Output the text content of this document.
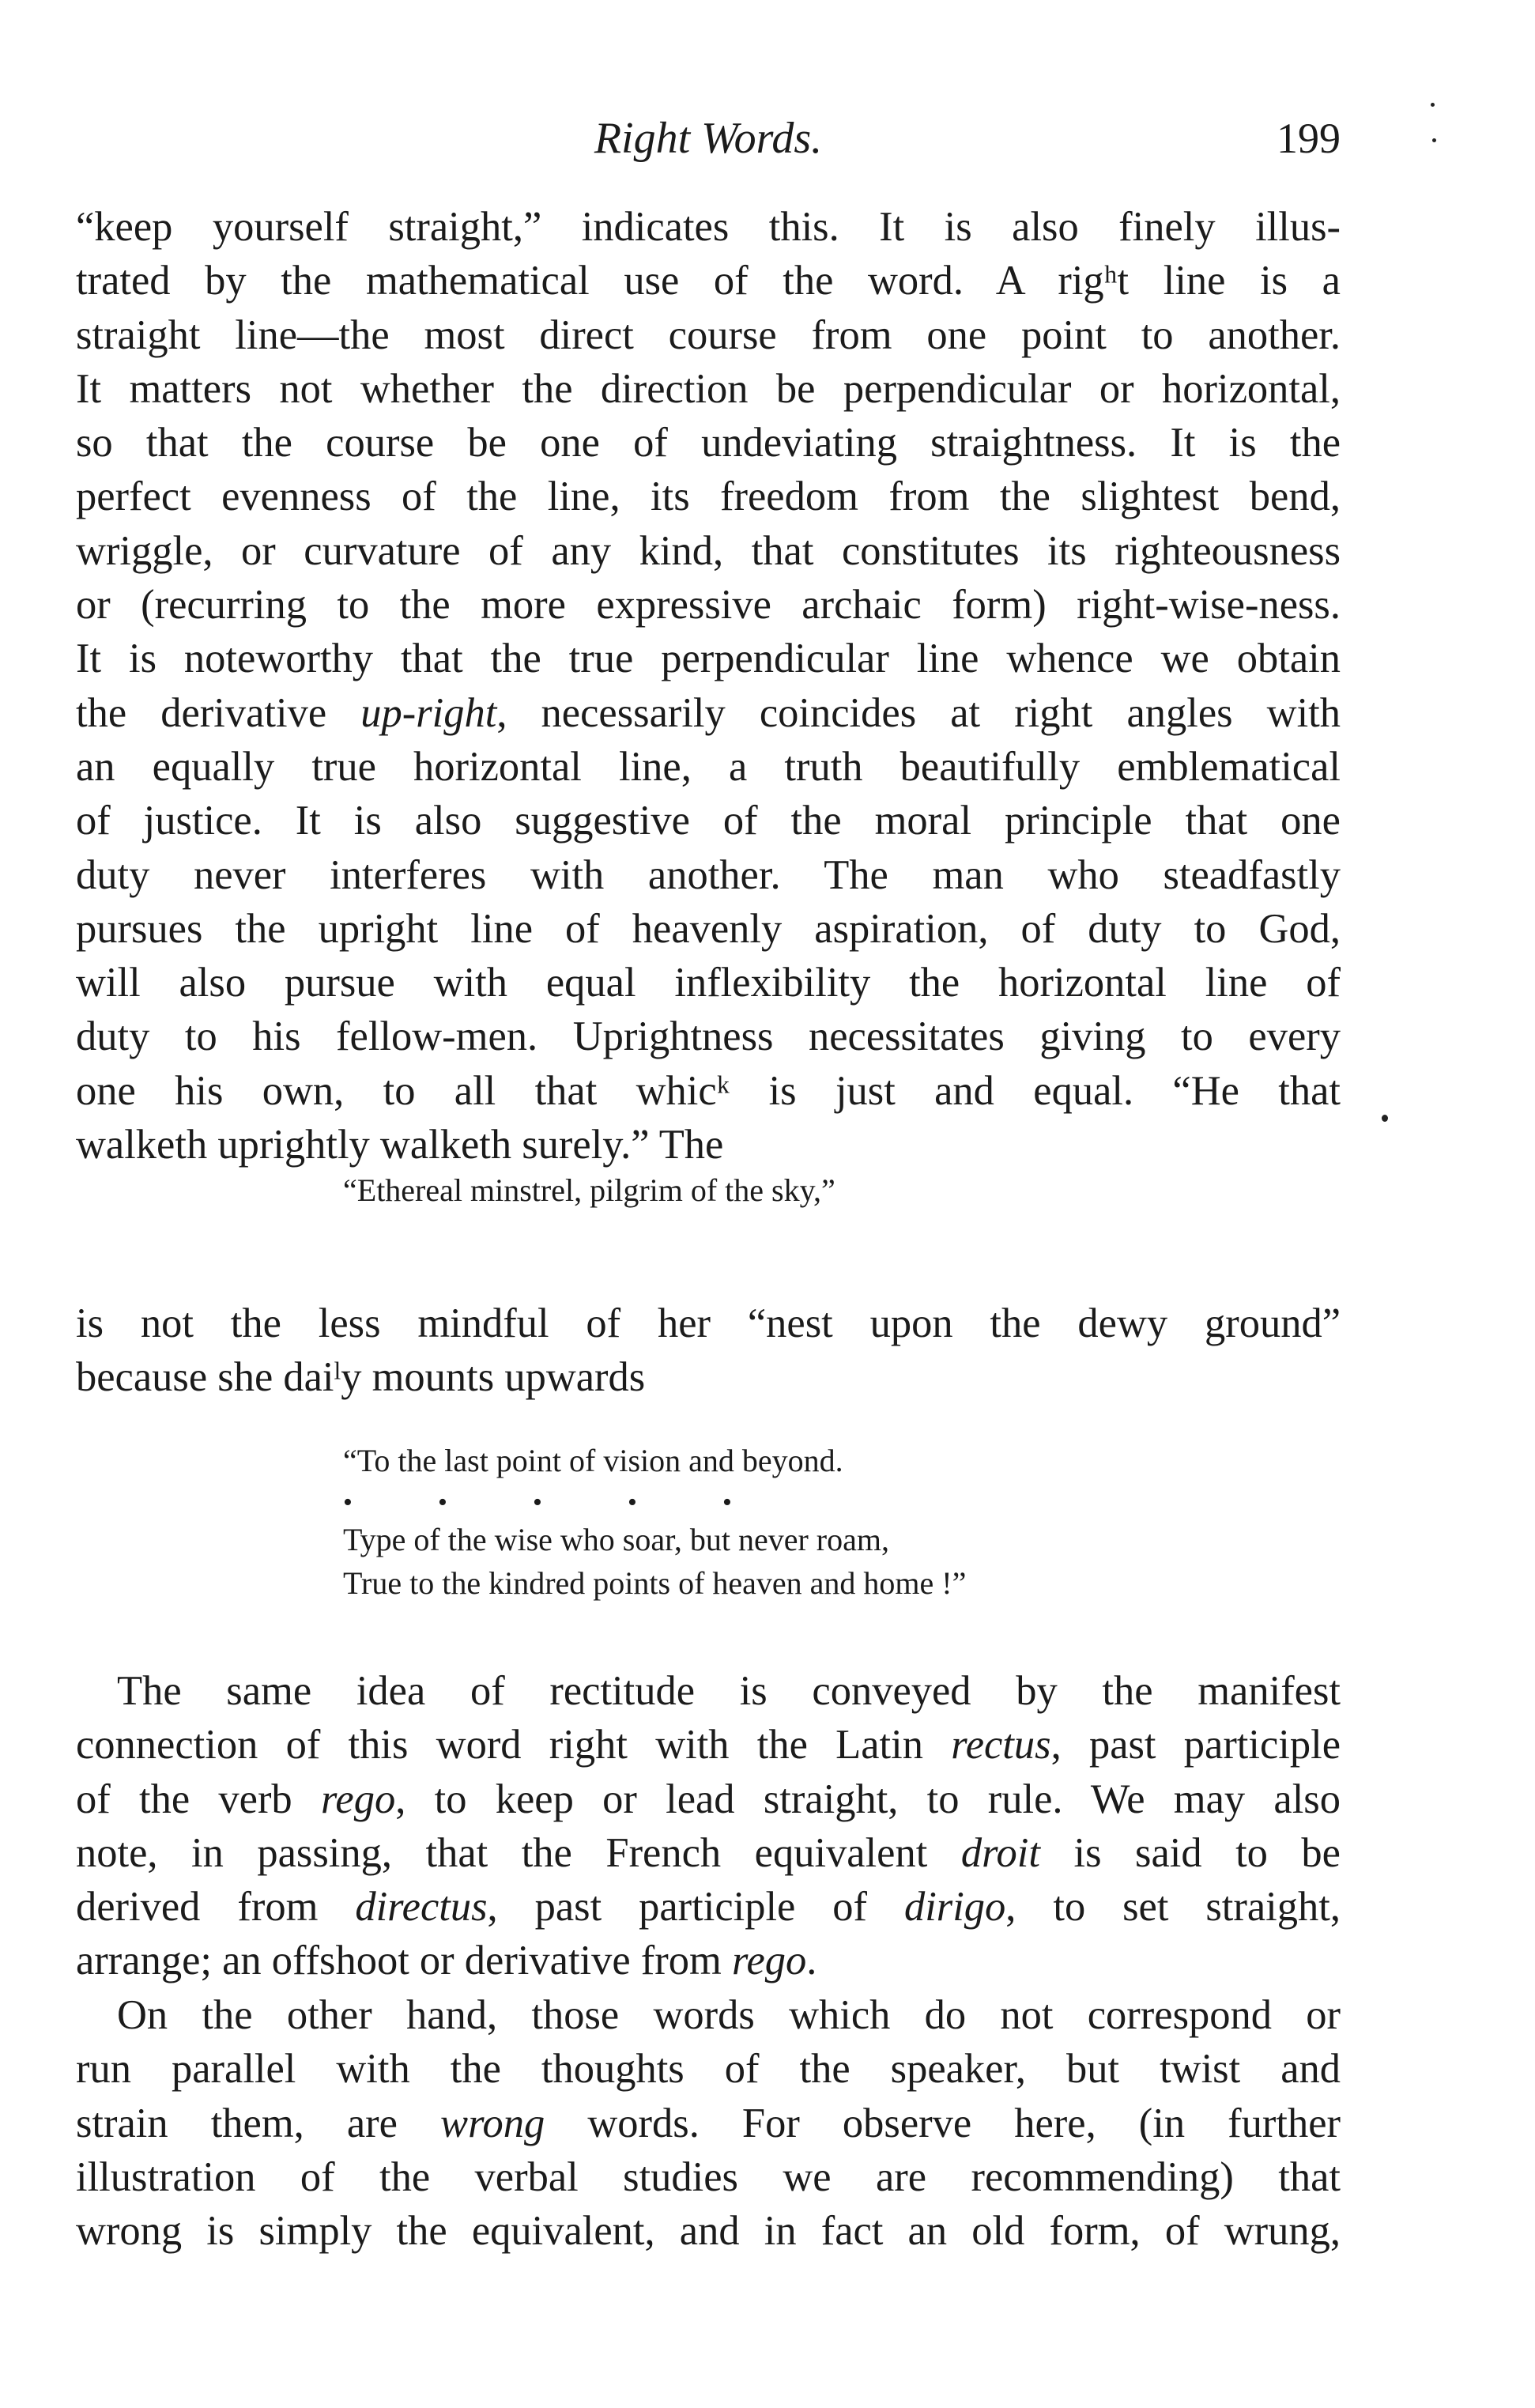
Right Words.	199
“keep yourself straight,” indicates this. It is also finely illus-
trated by the mathematical use of the word. A rigʰt line is a
straight line—the most direct course from one point to another.
It matters not whether the direction be perpendicular or horizontal,
so that the course be one of undeviating straightness. It is the
perfect evenness of the line, its freedom from the slightest bend,
wriggle, or curvature of any kind, that constitutes its righteousness
or (recurring to the more expressive archaic form) right-wise-ness.
It is noteworthy that the true perpendicular line whence we obtain
the derivative up-right, necessarily coincides at right angles with
an equally true horizontal line, a truth beautifully emblematical
of justice. It is also suggestive of the moral principle that one
duty never interferes with another. The man who steadfastly
pursues the upright line of heavenly aspiration, of duty to God,
will also pursue with equal inflexibility the horizontal line of
duty to his fellow-men. Uprightness necessitates giving to every
one his own, to all that whicᵏ is just and equal. “He that
walketh uprightly walketh surely.” The
“Ethereal minstrel, pilgrim of the sky,”
is not the less mindful of her “nest upon the dewy ground”
because she daiˡy mounts upwards
“To the last point of vision and beyond.
•	•	•	•	•
Type of the wise who soar, but never roam,
True to the kindred points of heaven and home !”
The same idea of rectitude is conveyed by the manifest
connection of this word right with the Latin rectus, past participle
of the verb rego, to keep or lead straight, to rule. We may also
note, in passing, that the French equivalent droit is said to be
derived from directus, past participle of dirigo, to set straight,
arrange; an offshoot or derivative from rego.
On the other hand, those words which do not correspond or
run parallel with the thoughts of the speaker, but twist and
strain them, are wrong words. For observe here, (in further
illustration of the verbal studies we are recommending) that
wrong is simply the equivalent, and in fact an old form, of wrung,
